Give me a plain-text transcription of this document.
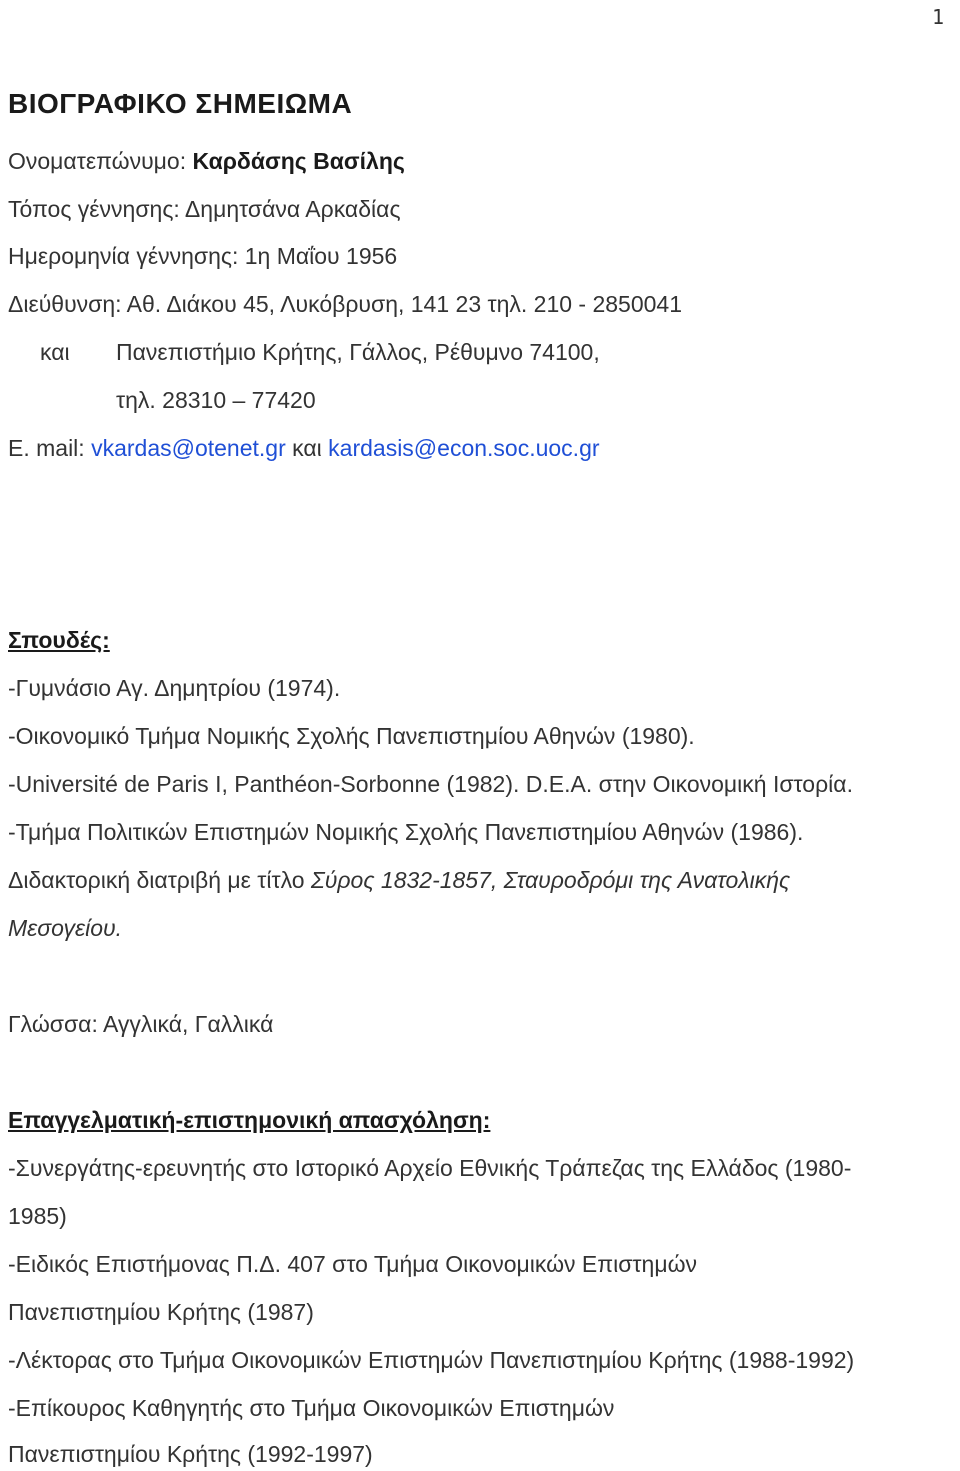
1
ΒΙΟΓΡΑΦΙΚΟ ΣΗΜΕΙΩΜΑ
Ονοματεπώνυμο: Καρδάσης Βασίλης
Τόπος γέννησης: Δημητσάνα Αρκαδίας
Ημερομηνία γέννησης: 1η Μαΐου 1956
Διεύθυνση: Αθ. Διάκου 45, Λυκόβρυση, 141 23 τηλ. 210 - 2850041
και Πανεπιστήμιο Κρήτης, Γάλλος, Ρέθυμνο 74100,
τηλ. 28310 – 77420
E. mail: vkardas@otenet.gr και kardasis@econ.soc.uoc.gr
Σπουδές:
-Γυμνάσιο Αγ. Δημητρίου (1974).
-Οικονομικό Τμήμα Νομικής Σχολής Πανεπιστημίου Αθηνών (1980).
-Université de Paris I, Panthéon-Sorbonne (1982). D.E.A. στην Οικονομική Ιστορία.
-Τμήμα Πολιτικών Επιστημών Νομικής Σχολής Πανεπιστημίου Αθηνών (1986).
Διδακτορική διατριβή με τίτλο Σύρος 1832-1857, Σταυροδρόμι της Ανατολικής
Μεσογείου.
Γλώσσα: Αγγλικά, Γαλλικά
Επαγγελματική-επιστημονική απασχόληση:
-Συνεργάτης-ερευνητής στο Ιστορικό Αρχείο Εθνικής Τράπεζας της Ελλάδος (1980-
1985)
-Ειδικός Επιστήμονας Π.Δ. 407 στο Τμήμα Οικονομικών Επιστημών
Πανεπιστημίου Κρήτης (1987)
-Λέκτορας στο Τμήμα Οικονομικών Επιστημών Πανεπιστημίου Κρήτης (1988-1992)
-Επίκουρος Καθηγητής στο Τμήμα Οικονομικών Επιστημών
Πανεπιστημίου Κρήτης (1992-1997)
